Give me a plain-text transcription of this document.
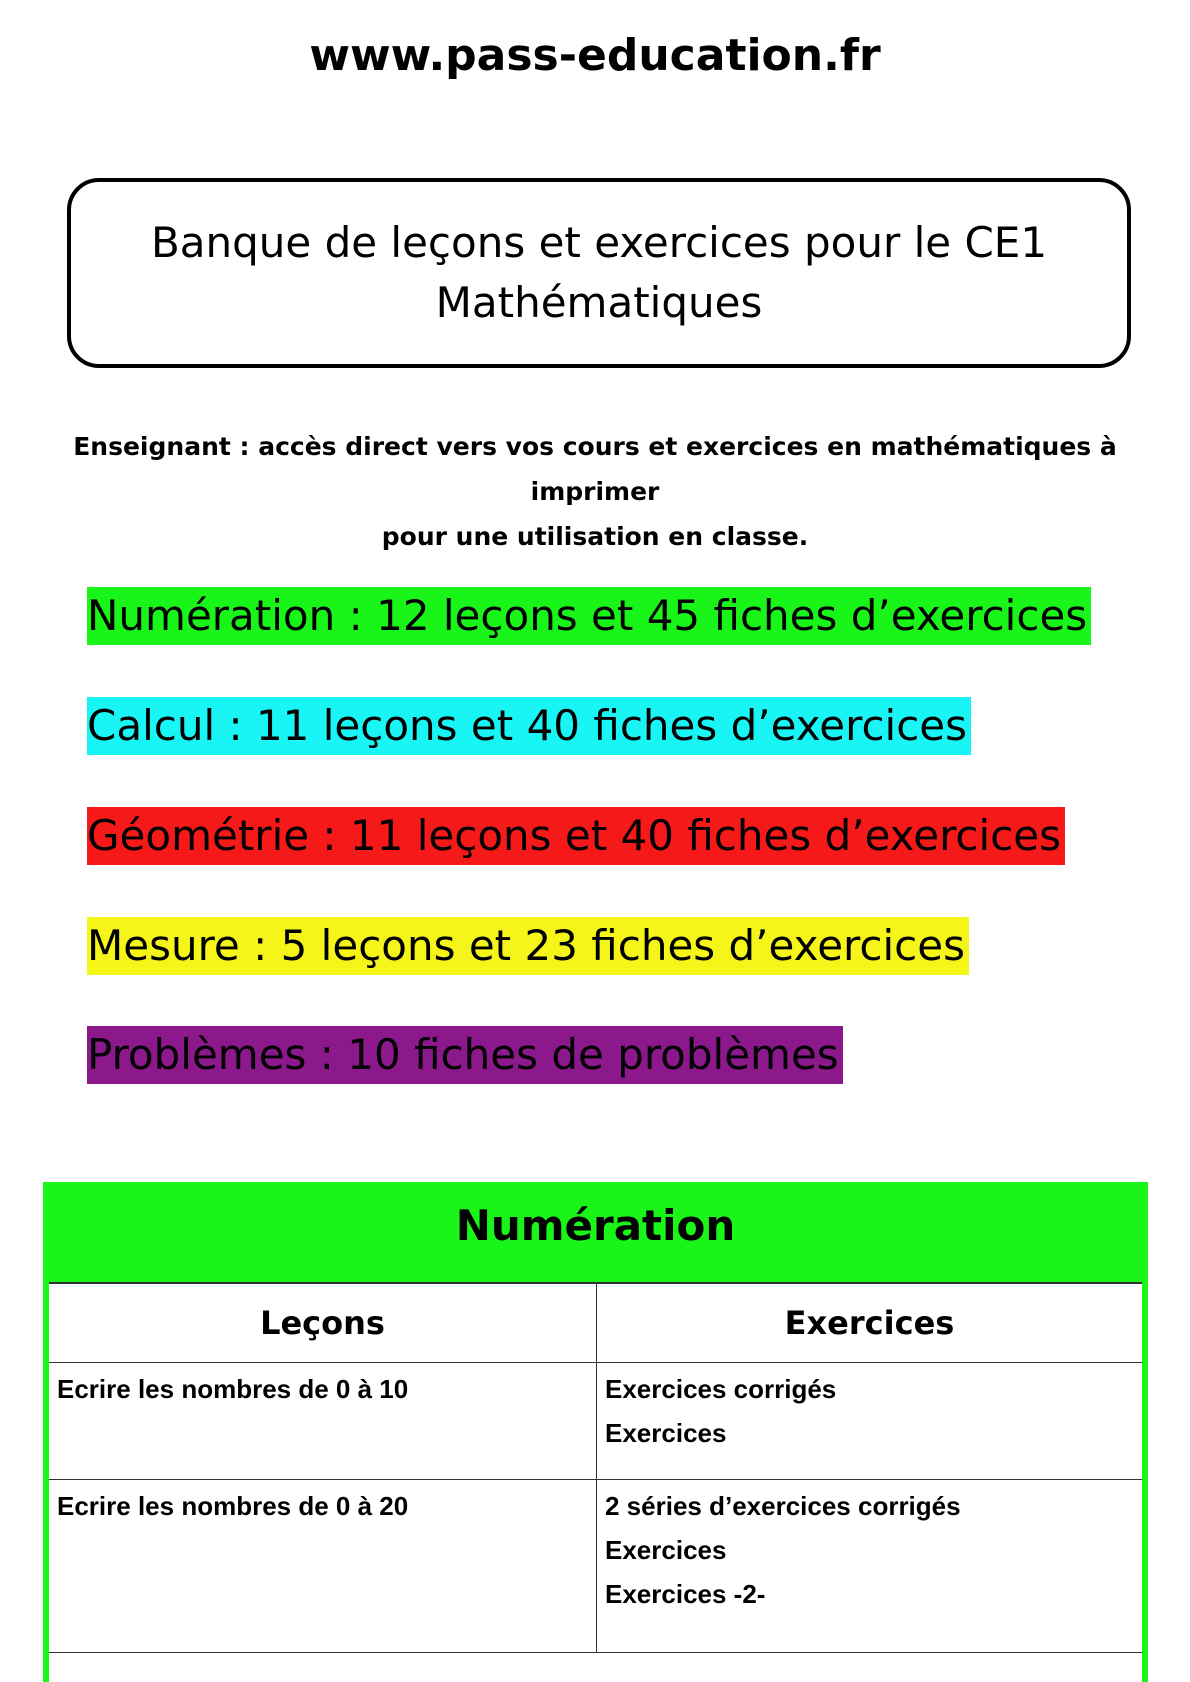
www.pass-education.fr
Banque de leçons et exercices pour le CE1
Mathématiques
Enseignant : accès direct vers vos cours et exercices en mathématiques à imprimer
pour une utilisation en classe.
Numération : 12 leçons et 45 fiches d’exercices
Calcul : 11 leçons et 40 fiches d’exercices
Géométrie : 11 leçons et 40 fiches d’exercices
Mesure : 5 leçons et 23 fiches d’exercices
Problèmes : 10 fiches de problèmes
Numération
Leçons	Exercices
Ecrire les nombres de 0 à 10	Exercices corrigés
Exercices

Ecrire les nombres de 0 à 20	2 séries d’exercices corrigés
Exercices
Exercices -2-
